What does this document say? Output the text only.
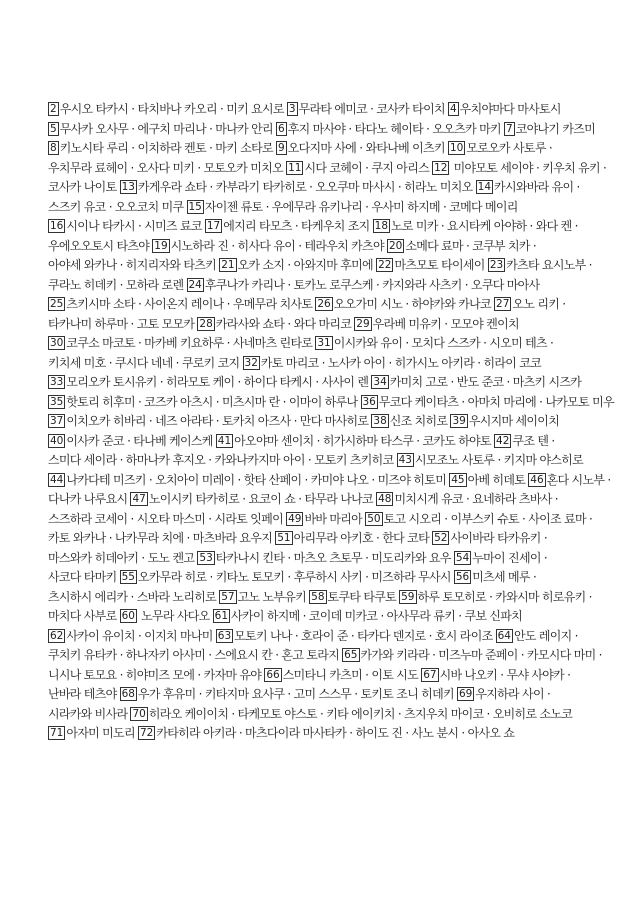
2 우시오 타카시 · 타치바나 카오리 · 미키 요시로 3 무라타 에미코 · 코사카 타이치 4 우치야마다 마사토시
5 무사카 오사무 · 에구치 마리나 · 마나카 안리 6 후지 마사야 · 타다노 헤이타 · 오오츠카 마키 7 코야나기 카즈미
8 키노시타 루리 · 이치하라 켄토 · 마키 소타로 9 오다지마 사에 · 와타나베 이츠키 10 모로오카 사토루 ·
우치무라 료헤이 · 오사다 미키 · 모토오카 미치오 11 시다 코헤이 · 쿠지 아리스 12 미야모토 세이야 · 키우치 유키 ·
코사카 나이토 13 카게우라 쇼타 · 카부라기 타카히로 · 오오쿠마 마사시 · 히라노 미치오 14 카시와바라 유이 ·
스즈키 유코 · 오오코치 미쿠 15 자이젠 류토 · 우에무라 유키나리 · 우사미 하지메 · 코메다 메이리
16 시이나 타카시 · 시미즈 료코 17 에지리 타모츠 · 타케우치 조지 18 노로 미카 · 요시타케 아야하 · 와다 켄 ·
우에오오토시 타츠야 19 시노하라 진 · 히사다 유이 · 테라우치 카츠야 20 소메다 료마 · 코쿠부 치카 ·
아야세 와카나 · 히지리자와 타츠키 21 오카 소지 · 아와지마 후미에 22 마츠모토 타이세이 23 카츠타 요시노부 ·
쿠라노 히데키 · 모하라 로렌 24 후쿠나가 카리나 · 토카노 로쿠스케 · 카지와라 사츠키 · 오쿠다 마아사
25 츠키시마 소타 · 사이온지 레이나 · 우메무라 치사토 26 오오가미 시노 · 하야카와 카나코 27 오노 리키 ·
타카나미 하루마 · 고토 모모카 28 카라사와 쇼타 · 와다 마리코 29 우라베 미유키 · 모모야 켄이치
30 코쿠소 마코토 · 마카베 키요하루 · 사네마츠 린타로 31 이시카와 유이 · 모치다 스즈카 · 시오미 테츠 ·
키치세 미호 · 쿠시다 네네 · 쿠로키 코지 32 카토 마리코 · 노사카 아이 · 히가시노 아키라 · 히라이 코코
33 모리오카 토시유키 · 히라모토 케이 · 하이다 타케시 · 사사이 렌 34 카미치 고로 · 반도 준코 · 마츠키 시즈카
35 핫토리 히후미 · 코즈카 아츠시 · 미츠시마 란 · 이마이 하루나 36 무코다 케이타츠 · 아마치 마리에 · 나카모토 미우
37 이치오카 히바리 · 네즈 아라타 · 토카치 아즈사 · 만다 마사히로 38 신조 치히로 39 우시지마 세이이치
40 이사카 준코 · 타나베 케이스케 41 아오야마 센이치 · 히가시하마 타스쿠 · 코카도 하야토 42 쿠조 텐 ·
스미다 세이라 · 하마나카 후지오 · 카와나카지마 아이 · 모토키 츠키히코 43 시모조노 사토루 · 키지마 야스히로
44 나카다테 미즈키 · 오치아이 미레이 · 핫타 산페이 · 카미야 나오 · 미즈야 히토미 45 아베 히데토 46 혼다 시노부 ·
다나카 나루요시 47 노이시키 타카히로 · 요코이 쇼 · 타무라 나나코 48 미치시게 유코 · 요네하라 츠바사 ·
스즈하라 코세이 · 시오타 마스미 · 시라토 잇페이 49 바바 마리아 50 토고 시오리 · 이부스키 슈토 · 사이조 료마 ·
카토 와카나 · 나카무라 치에 · 마츠바라 요우지 51 아리무라 아키호 · 한다 코타 52 사이바라 타카유키 ·
마스와카 히데아키 · 도노 켄고 53 타카나시 킨타 · 마츠오 츠토무 · 미도리카와 요우 54 누마이 진세이 ·
사코다 타마키 55 오카무라 히로 · 키타노 토모키 · 후루하시 사키 · 미즈하라 무사시 56 미츠세 메루 ·
츠시하시 에리카 · 스바라 노리히로 57 고노 노부유키 58 토쿠타 타쿠토 59 하루 토모히로 · 카와시마 히로유키 ·
마치다 사부로 60 노무라 사다오 61 사카이 하지메 · 코이데 미카코 · 아사무라 류키 · 쿠보 신파치
62 사카이 유이치 · 이지치 마나미 63 모토키 나나 · 호라이 준 · 타카다 덴지로 · 호시 라이조 64 안도 레이지 ·
쿠치키 유타카 · 하나자키 아사미 · 스에요시 칸 · 혼고 토라지 65 카가와 키라라 · 미즈누마 준페이 · 카모시다 마미 ·
니시나 토모요 · 히야미즈 모에 · 카자마 유야 66 스미타니 카츠미 · 이토 시도 67 시바 나오키 · 무샤 사야카 ·
난바라 테츠야 68 우가 후유미 · 키타지마 요사쿠 · 고미 스스무 · 토키토 조니 히데키 69 우지하라 사이 ·
시라카와 비사라 70 히라오 케이이치 · 타케모토 야스토 · 키타 에이키치 · 츠지우치 마이코 · 오비히로 소노코
71 아자미 미도리 72 카타히라 아키라 · 마츠다이라 마사타카 · 하이도 진 · 사노 분시 · 아사오 쇼
